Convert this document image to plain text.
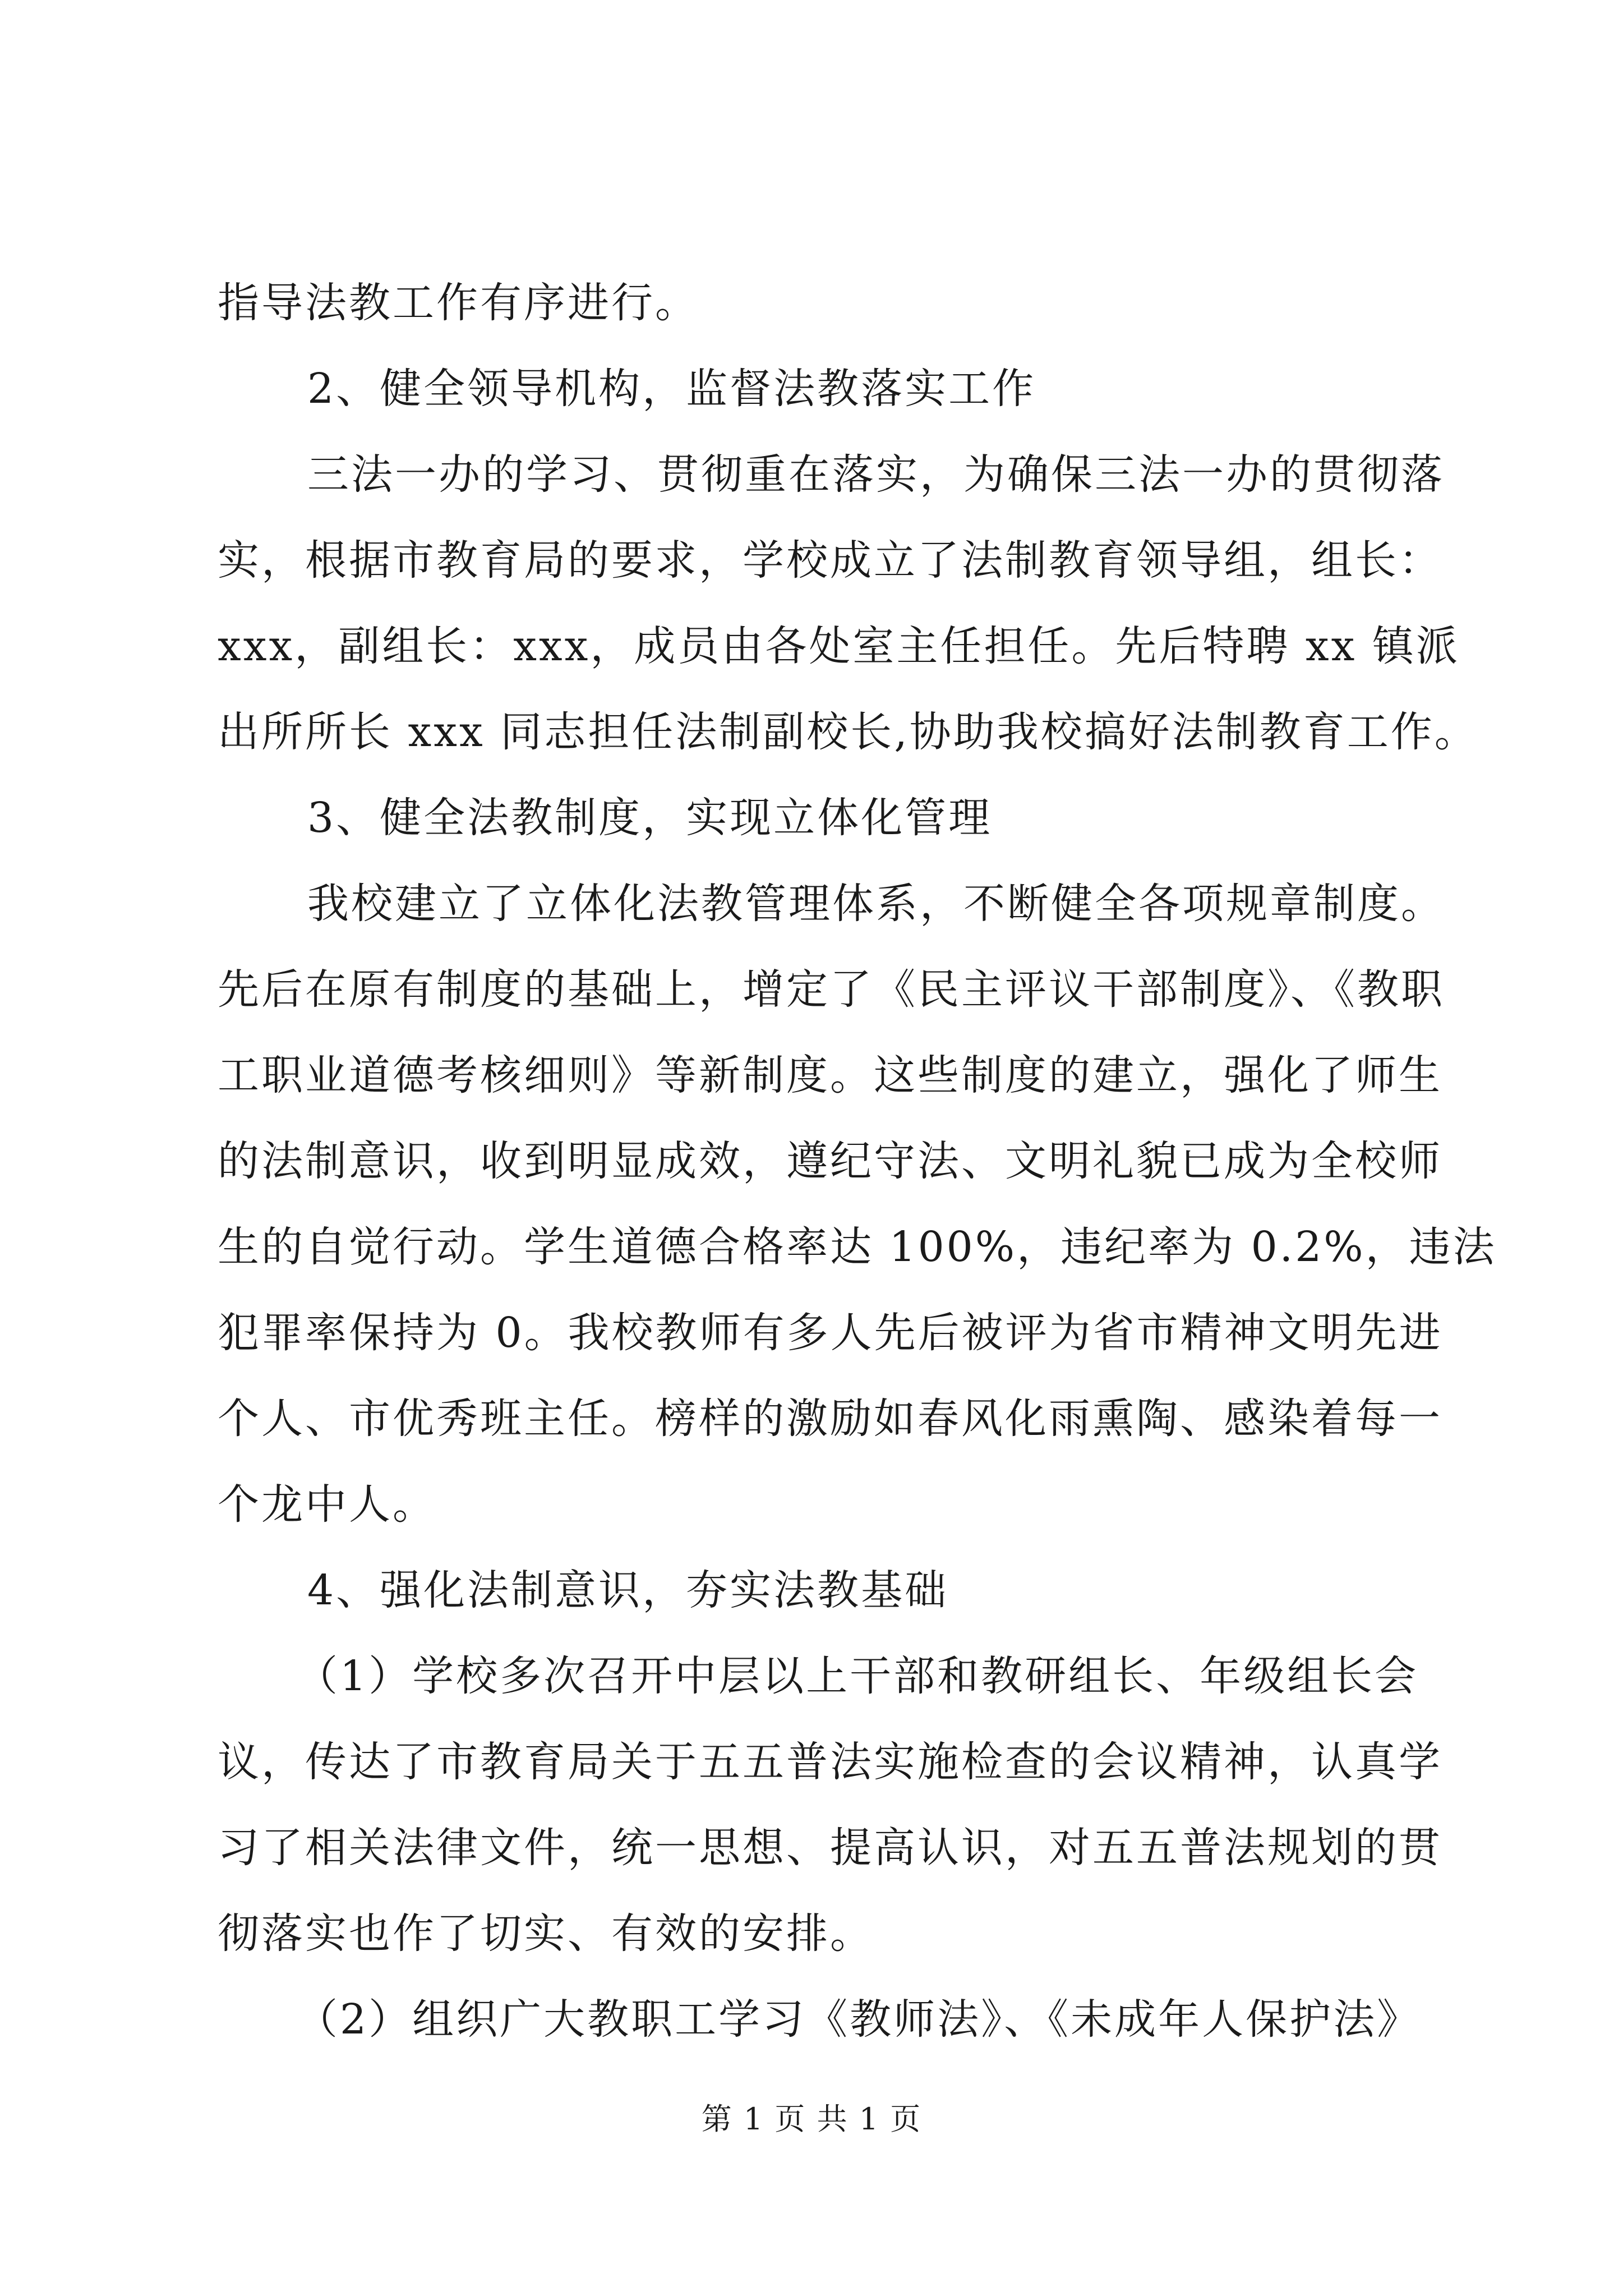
指导法教工作有序进行。
2、健全领导机构，监督法教落实工作
三法一办的学习、贯彻重在落实，为确保三法一办的贯彻落
实，根据市教育局的要求，学校成立了法制教育领导组，组长：
xxx，副组长：xxx，成员由各处室主任担任。先后特聘 xx 镇派
出所所长 xxx 同志担任法制副校长,协助我校搞好法制教育工作。
3、健全法教制度，实现立体化管理
我校建立了立体化法教管理体系，不断健全各项规章制度。
先后在原有制度的基础上，增定了《民主评议干部制度》、《教职
工职业道德考核细则》等新制度。这些制度的建立，强化了师生
的法制意识，收到明显成效，遵纪守法、文明礼貌已成为全校师
生的自觉行动。学生道德合格率达 100%，违纪率为 0.2%，违法
犯罪率保持为 0。我校教师有多人先后被评为省市精神文明先进
个人、市优秀班主任。榜样的激励如春风化雨熏陶、感染着每一
个龙中人。
4、强化法制意识，夯实法教基础
（1）学校多次召开中层以上干部和教研组长、年级组长会
议，传达了市教育局关于五五普法实施检查的会议精神，认真学
习了相关法律文件，统一思想、提高认识，对五五普法规划的贯
彻落实也作了切实、有效的安排。
（2）组织广大教职工学习《教师法》、《未成年人保护法》
第 1 页 共 1 页
